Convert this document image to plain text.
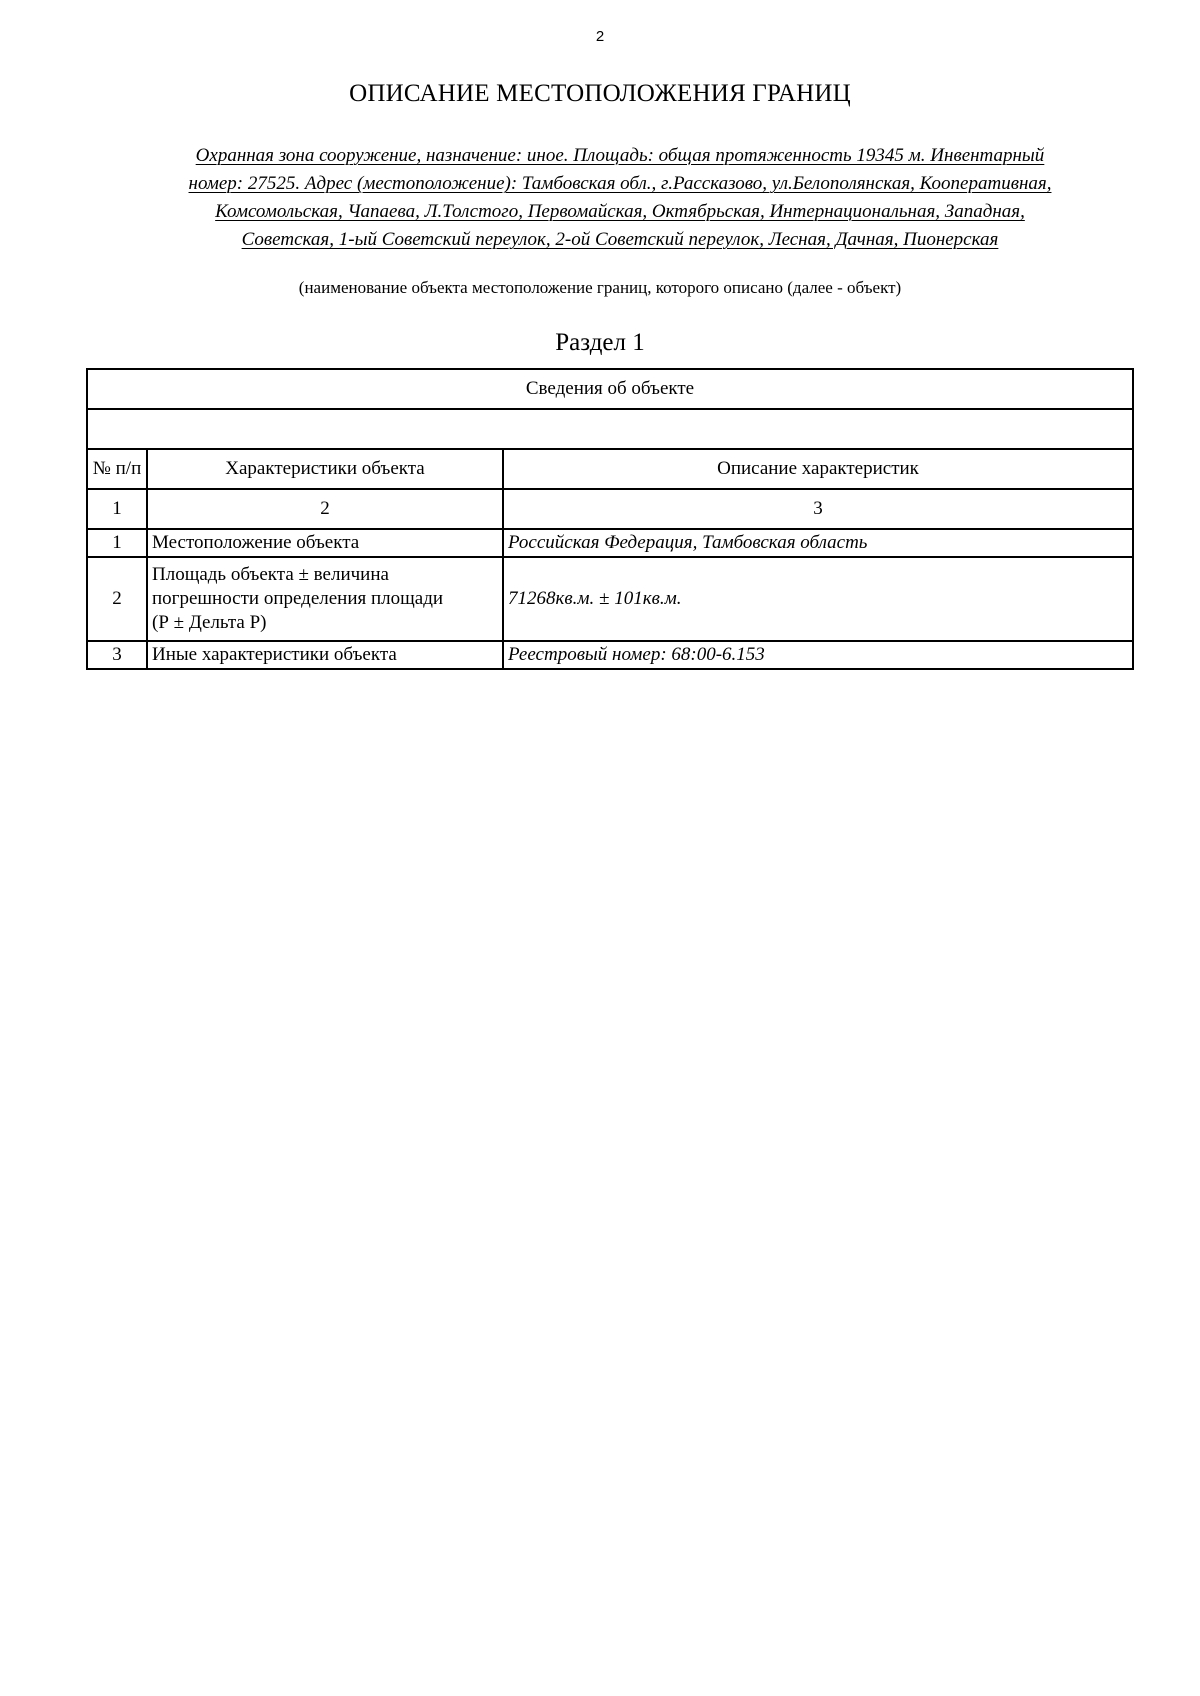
2
ОПИСАНИЕ МЕСТОПОЛОЖЕНИЯ ГРАНИЦ
Охранная зона сооружение, назначение: иное. Площадь: общая протяженность 19345 м. Инвентарный
номер: 27525. Адрес (местоположение): Тамбовская обл., г.Рассказово, ул.Белополянская, Кооперативная,
Комсомольская, Чапаева, Л.Толстого, Первомайская, Октябрьская, Интернациональная, Западная,
Советская, 1-ый Советский переулок, 2-ой Советский переулок, Лесная, Дачная, Пионерская
(наименование объекта местоположение границ, которого описано (далее - объект)
Раздел 1
Сведения об объекте		

№ п/п	Характеристики объекта	Описание характеристик
1	2	3
1	Местоположение объекта	Российская Федерация, Тамбовская область
2	Площадь объекта ± величина
погрешности определения площади
(Р ± Дельта Р)	71268кв.м. ± 101кв.м.
3	Иные характеристики объекта	Реестровый номер: 68:00-6.153
